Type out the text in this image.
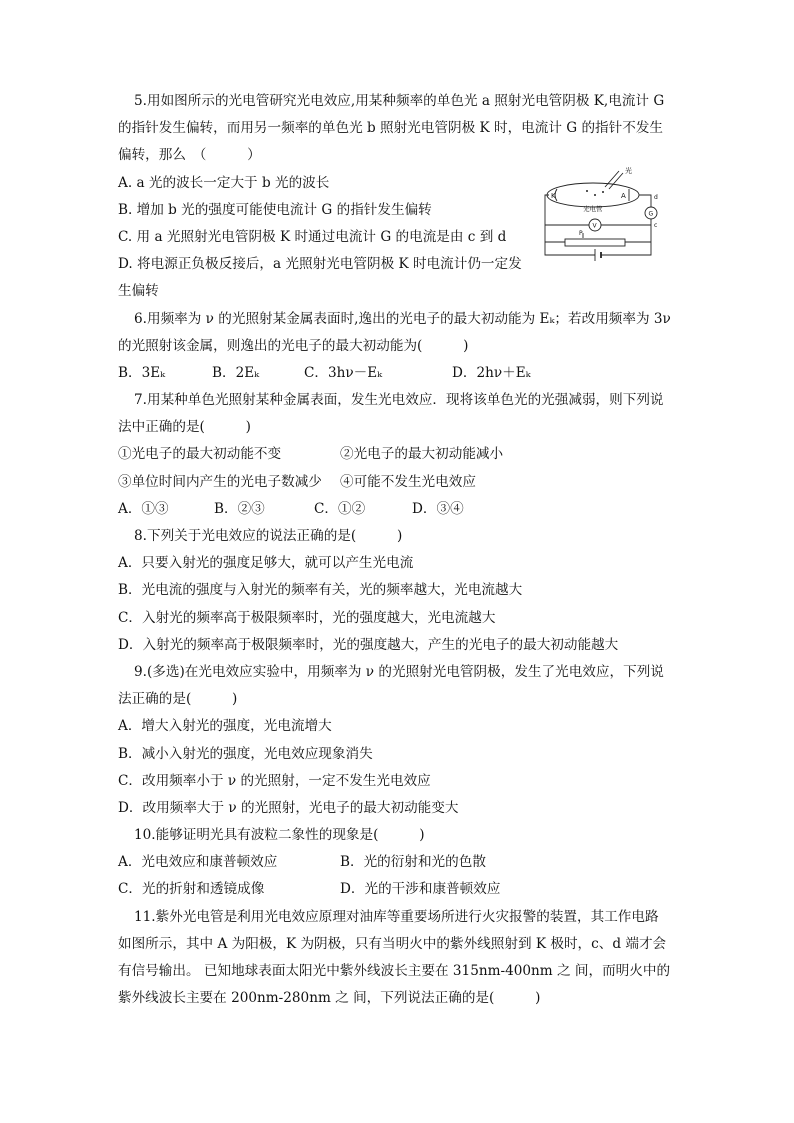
5.用如图所示的光电管研究光电效应,用某种频率的单色光 a 照射光电管阴极 K,电流计 G
的指针发生偏转，而用另一频率的单色光 b 照射光电管阴极 K 时，电流计 G 的指针不发生
偏转，那么　（　　　）
A. a 光的波长一定大于 b 光的波长
B. 增加 b 光的强度可能使电流计 G 的指针发生偏转
C. 用 a 光照射光电管阴极 K 时通过电流计 G 的电流是由 c 到 d
D. 将电源正负极反接后，a 光照射光电管阴极 K 时电流计仍一定发
生偏转
6.用频率为 ν 的光照射某金属表面时,逸出的光电子的最大初动能为 Eₖ；若改用频率为 3ν
的光照射该金属，则逸出的光电子的最大初动能为(　　　)
B．3Eₖ	B．2Eₖ	C．3hν－Eₖ	D．2hν＋Eₖ
7.用某种单色光照射某种金属表面，发生光电效应．现将该单色光的光强减弱，则下列说
法中正确的是(　　　)
①光电子的最大初动能不变	②光电子的最大初动能减小
③单位时间内产生的光电子数减少 ④可能不发生光电效应
A．①③	B．②③	C．①②	D．③④
8.下列关于光电效应的说法正确的是(　　　)
A．只要入射光的强度足够大，就可以产生光电流
B．光电流的强度与入射光的频率有关，光的频率越大，光电流越大
C．入射光的频率高于极限频率时，光的强度越大，光电流越大
D．入射光的频率高于极限频率时，光的强度越大，产生的光电子的最大初动能越大
9.(多选)在光电效应实验中，用频率为 ν 的光照射光电管阴极，发生了光电效应，下列说
法正确的是(　　　)
A．增大入射光的强度，光电流增大
B．减小入射光的强度，光电效应现象消失
C．改用频率小于 ν 的光照射，一定不发生光电效应
D．改用频率大于 ν 的光照射，光电子的最大初动能变大
10.能够证明光具有波粒二象性的现象是(　　　)
A．光电效应和康普顿效应	B．光的衍射和光的色散
C．光的折射和透镜成像	D．光的干涉和康普顿效应
11.紫外光电管是利用光电效应原理对油库等重要场所进行火灾报警的装置，其工作电路
如图所示，其中 A 为阳极，K 为阴极，只有当明火中的紫外线照射到 K 极时，c、d 端才会
有信号输出。 已知地球表面太阳光中紫外线波长主要在 315nm-400nm 之 间，而明火中的
紫外线波长主要在 200nm-280nm 之 间，下列说法正确的是(　　　)
光
光电管
K	A
G
V
P
c
d
